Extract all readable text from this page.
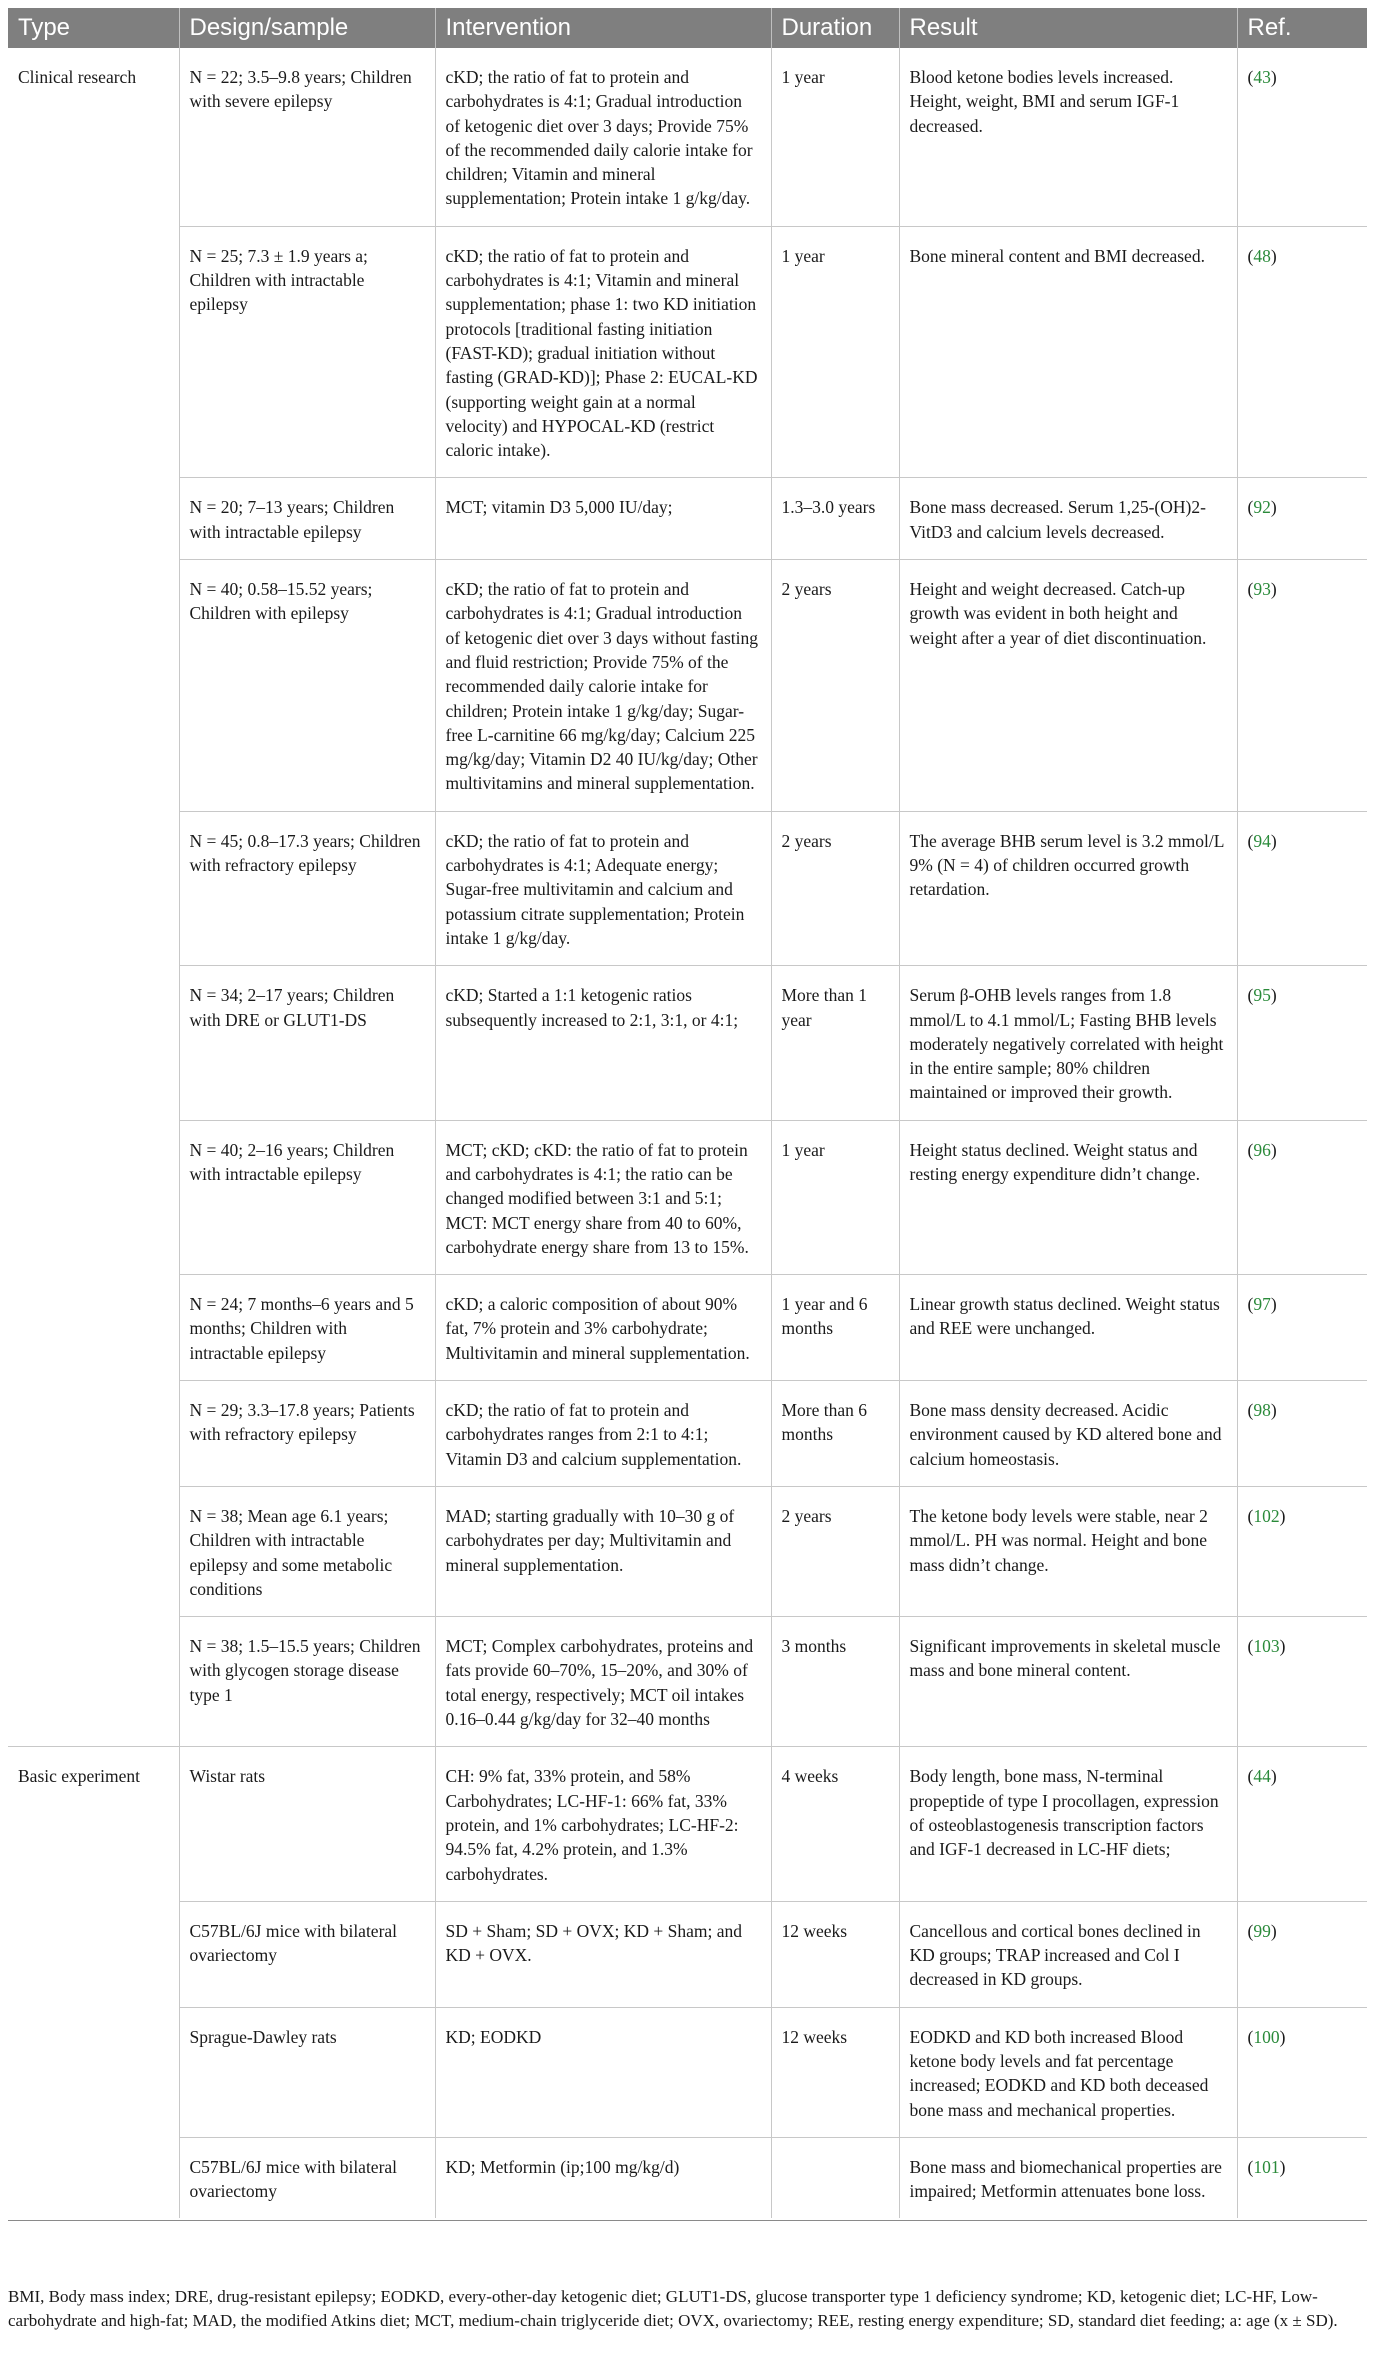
Type	Design/sample	Intervention	Duration	Result	Ref.
Clinical research	N = 22; 3.5–9.8 years; Children with severe epilepsy	cKD; the ratio of fat to protein and carbohydrates is 4:1; Gradual introduction of ketogenic diet over 3 days; Provide 75% of the recommended daily calorie intake for children; Vitamin and mineral supplementation; Protein intake 1 g/kg/day.	1 year	Blood ketone bodies levels increased. Height, weight, BMI and serum IGF-1 decreased.	(43)
	N = 25; 7.3 ± 1.9 years a; Children with intractable epilepsy	cKD; the ratio of fat to protein and carbohydrates is 4:1; Vitamin and mineral supplementation; phase 1: two KD initiation protocols [traditional fasting initiation (FAST-KD); gradual initiation without fasting (GRAD-KD)]; Phase 2: EUCAL-KD (supporting weight gain at a normal velocity) and HYPOCAL-KD (restrict caloric intake).	1 year	Bone mineral content and BMI decreased.	(48)
	N = 20; 7–13 years; Children with intractable epilepsy	MCT; vitamin D3 5,000 IU/day;	1.3–3.0 years	Bone mass decreased. Serum 1,25-(OH)2-VitD3 and calcium levels decreased.	(92)
	N = 40; 0.58–15.52 years; Children with epilepsy	cKD; the ratio of fat to protein and carbohydrates is 4:1; Gradual introduction of ketogenic diet over 3 days without fasting and fluid restriction; Provide 75% of the recommended daily calorie intake for children; Protein intake 1 g/kg/day; Sugar-free L-carnitine 66 mg/kg/day; Calcium 225 mg/kg/day; Vitamin D2 40 IU/kg/day; Other multivitamins and mineral supplementation.	2 years	Height and weight decreased. Catch-up growth was evident in both height and weight after a year of diet discontinuation.	(93)
	N = 45; 0.8–17.3 years; Children with refractory epilepsy	cKD; the ratio of fat to protein and carbohydrates is 4:1; Adequate energy; Sugar-free multivitamin and calcium and potassium citrate supplementation; Protein intake 1 g/kg/day.	2 years	The average BHB serum level is 3.2 mmol/L 9% (N = 4) of children occurred growth retardation.	(94)
	N = 34; 2–17 years; Children with DRE or GLUT1-DS	cKD; Started a 1:1 ketogenic ratios subsequently increased to 2:1, 3:1, or 4:1;	More than 1 year	Serum β-OHB levels ranges from 1.8 mmol/L to 4.1 mmol/L; Fasting BHB levels moderately negatively correlated with height in the entire sample; 80% children maintained or improved their growth.	(95)
	N = 40; 2–16 years; Children with intractable epilepsy	MCT; cKD; cKD: the ratio of fat to protein and carbohydrates is 4:1; the ratio can be changed modified between 3:1 and 5:1; MCT: MCT energy share from 40 to 60%, carbohydrate energy share from 13 to 15%.	1 year	Height status declined. Weight status and resting energy expenditure didn’t change.	(96)
	N = 24; 7 months–6 years and 5 months; Children with intractable epilepsy	cKD; a caloric composition of about 90% fat, 7% protein and 3% carbohydrate; Multivitamin and mineral supplementation.	1 year and 6 months	Linear growth status declined. Weight status and REE were unchanged.	(97)
	N = 29; 3.3–17.8 years; Patients with refractory epilepsy	cKD; the ratio of fat to protein and carbohydrates ranges from 2:1 to 4:1; Vitamin D3 and calcium supplementation.	More than 6 months	Bone mass density decreased. Acidic environment caused by KD altered bone and calcium homeostasis.	(98)
	N = 38; Mean age 6.1 years; Children with intractable epilepsy and some metabolic conditions	MAD; starting gradually with 10–30 g of carbohydrates per day; Multivitamin and mineral supplementation.	2 years	The ketone body levels were stable, near 2 mmol/L. PH was normal. Height and bone mass didn’t change.	(102)
	N = 38; 1.5–15.5 years; Children with glycogen storage disease type 1	MCT; Complex carbohydrates, proteins and fats provide 60–70%, 15–20%, and 30% of total energy, respectively; MCT oil intakes 0.16–0.44 g/kg/day for 32–40 months	3 months	Significant improvements in skeletal muscle mass and bone mineral content.	(103)
Basic experiment	Wistar rats	CH: 9% fat, 33% protein, and 58% Carbohydrates; LC-HF-1: 66% fat, 33% protein, and 1% carbohydrates; LC-HF-2: 94.5% fat, 4.2% protein, and 1.3% carbohydrates.	4 weeks	Body length, bone mass, N-terminal propeptide of type I procollagen, expression of osteoblastogenesis transcription factors and IGF-1 decreased in LC-HF diets;	(44)
	C57BL/6J mice with bilateral ovariectomy	SD + Sham; SD + OVX; KD + Sham; and KD + OVX.	12 weeks	Cancellous and cortical bones declined in KD groups; TRAP increased and Col I decreased in KD groups.	(99)
	Sprague-Dawley rats	KD; EODKD	12 weeks	EODKD and KD both increased Blood ketone body levels and fat percentage increased; EODKD and KD both deceased bone mass and mechanical properties.	(100)
	C57BL/6J mice with bilateral ovariectomy	KD; Metformin (ip;100 mg/kg/d)		Bone mass and biomechanical properties are impaired; Metformin attenuates bone loss.	(101)
BMI, Body mass index; DRE, drug-resistant epilepsy; EODKD, every-other-day ketogenic diet; GLUT1-DS, glucose transporter type 1 deficiency syndrome; KD, ketogenic diet; LC-HF, Low-carbohydrate and high-fat; MAD, the modified Atkins diet; MCT, medium-chain triglyceride diet; OVX, ovariectomy; REE, resting energy expenditure; SD, standard diet feeding; a: age (x ± SD).
